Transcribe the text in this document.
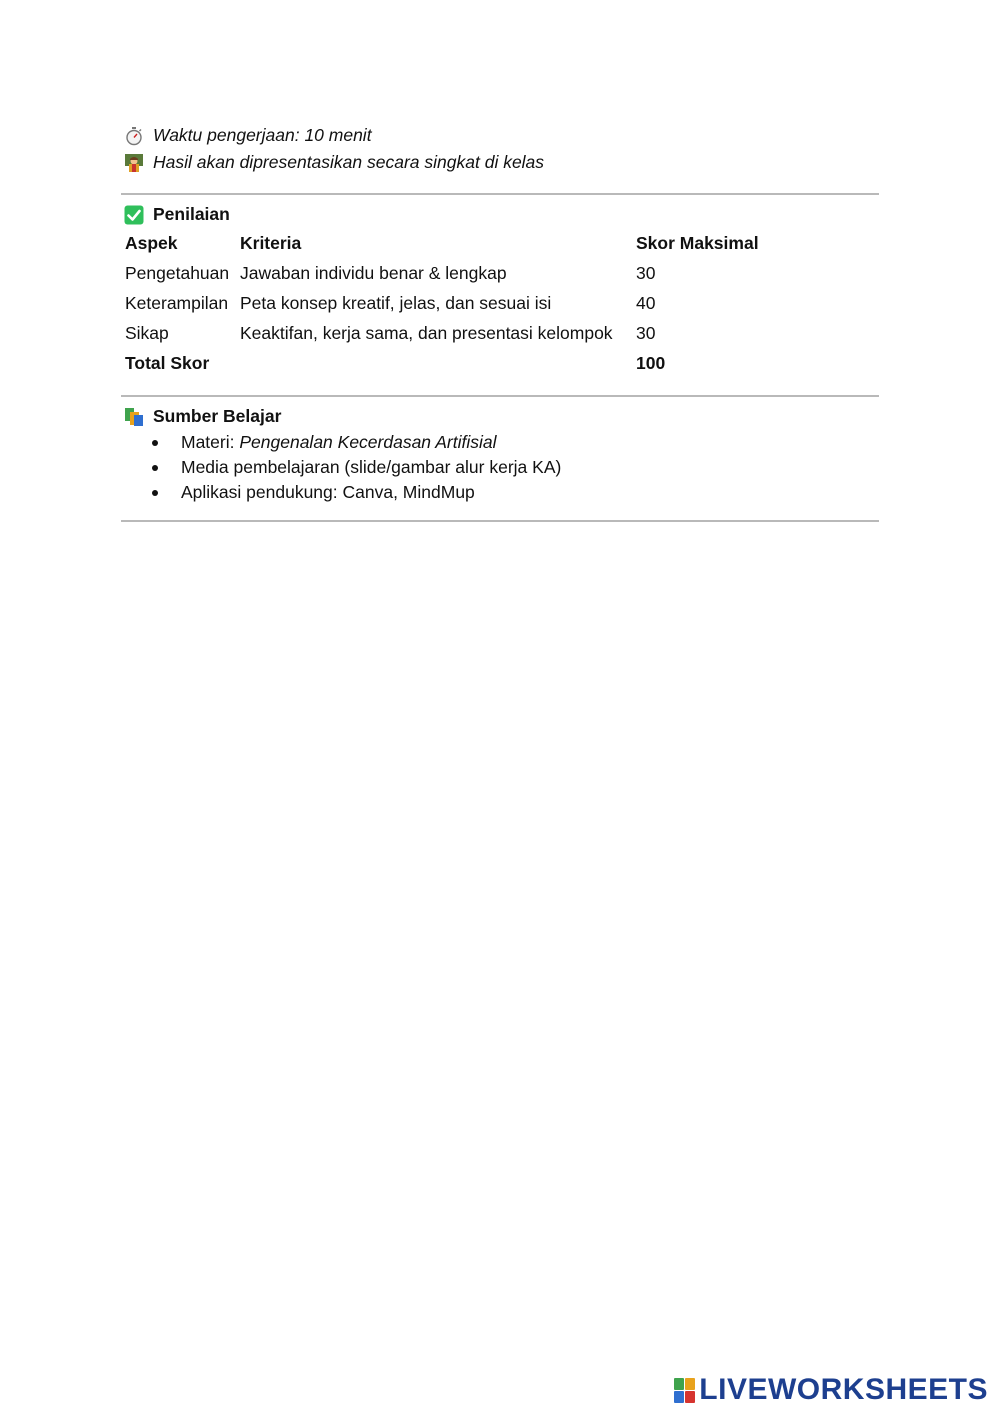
Waktu pengerjaan: 10 menit
Hasil akan dipresentasikan secara singkat di kelas
Penilaian
Aspek	Kriteria	Skor Maksimal
Pengetahuan	Jawaban individu benar & lengkap	30
Keterampilan	Peta konsep kreatif, jelas, dan sesuai isi	40
Sikap	Keaktifan, kerja sama, dan presentasi kelompok	30
Total Skor		100
Sumber Belajar
Materi: Pengenalan Kecerdasan Artifisial
Media pembelajaran (slide/gambar alur kerja KA)
Aplikasi pendukung: Canva, MindMup
LIVEWORKSHEETS
